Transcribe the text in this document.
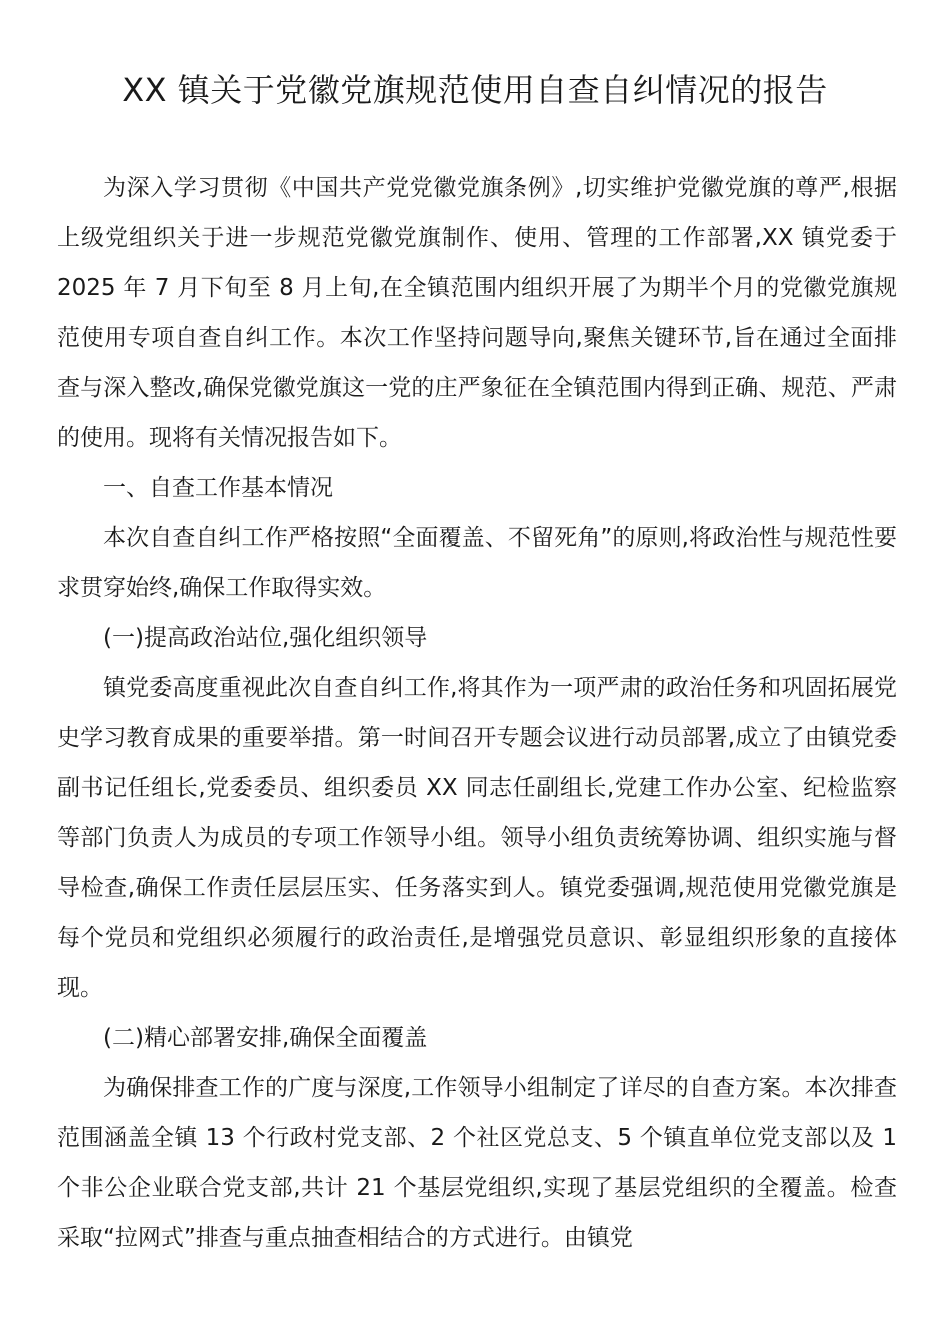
XX 镇关于党徽党旗规范使用自查自纠情况的报告

为深入学习贯彻《中国共产党党徽党旗条例》,切实维护党徽党旗的尊严,根据上级党组织关于进一步规范党徽党旗制作、使用、管理的工作部署,XX 镇党委于 2025 年 7 月下旬至 8 月上旬,在全镇范围内组织开展了为期半个月的党徽党旗规范使用专项自查自纠工作。本次工作坚持问题导向,聚焦关键环节,旨在通过全面排查与深入整改,确保党徽党旗这一党的庄严象征在全镇范围内得到正确、规范、严肃的使用。现将有关情况报告如下。

一、自查工作基本情况

本次自查自纠工作严格按照“全面覆盖、不留死角”的原则,将政治性与规范性要求贯穿始终,确保工作取得实效。

(一)提高政治站位,强化组织领导

镇党委高度重视此次自查自纠工作,将其作为一项严肃的政治任务和巩固拓展党史学习教育成果的重要举措。第一时间召开专题会议进行动员部署,成立了由镇党委副书记任组长,党委委员、组织委员 XX 同志任副组长,党建工作办公室、纪检监察等部门负责人为成员的专项工作领导小组。领导小组负责统筹协调、组织实施与督导检查,确保工作责任层层压实、任务落实到人。镇党委强调,规范使用党徽党旗是每个党员和党组织必须履行的政治责任,是增强党员意识、彰显组织形象的直接体现。

(二)精心部署安排,确保全面覆盖

为确保排查工作的广度与深度,工作领导小组制定了详尽的自查方案。本次排查范围涵盖全镇 13 个行政村党支部、2 个社区党总支、5 个镇直单位党支部以及 1 个非公企业联合党支部,共计 21 个基层党组织,实现了基层党组织的全覆盖。检查采取“拉网式”排查与重点抽查相结合的方式进行。由镇党
